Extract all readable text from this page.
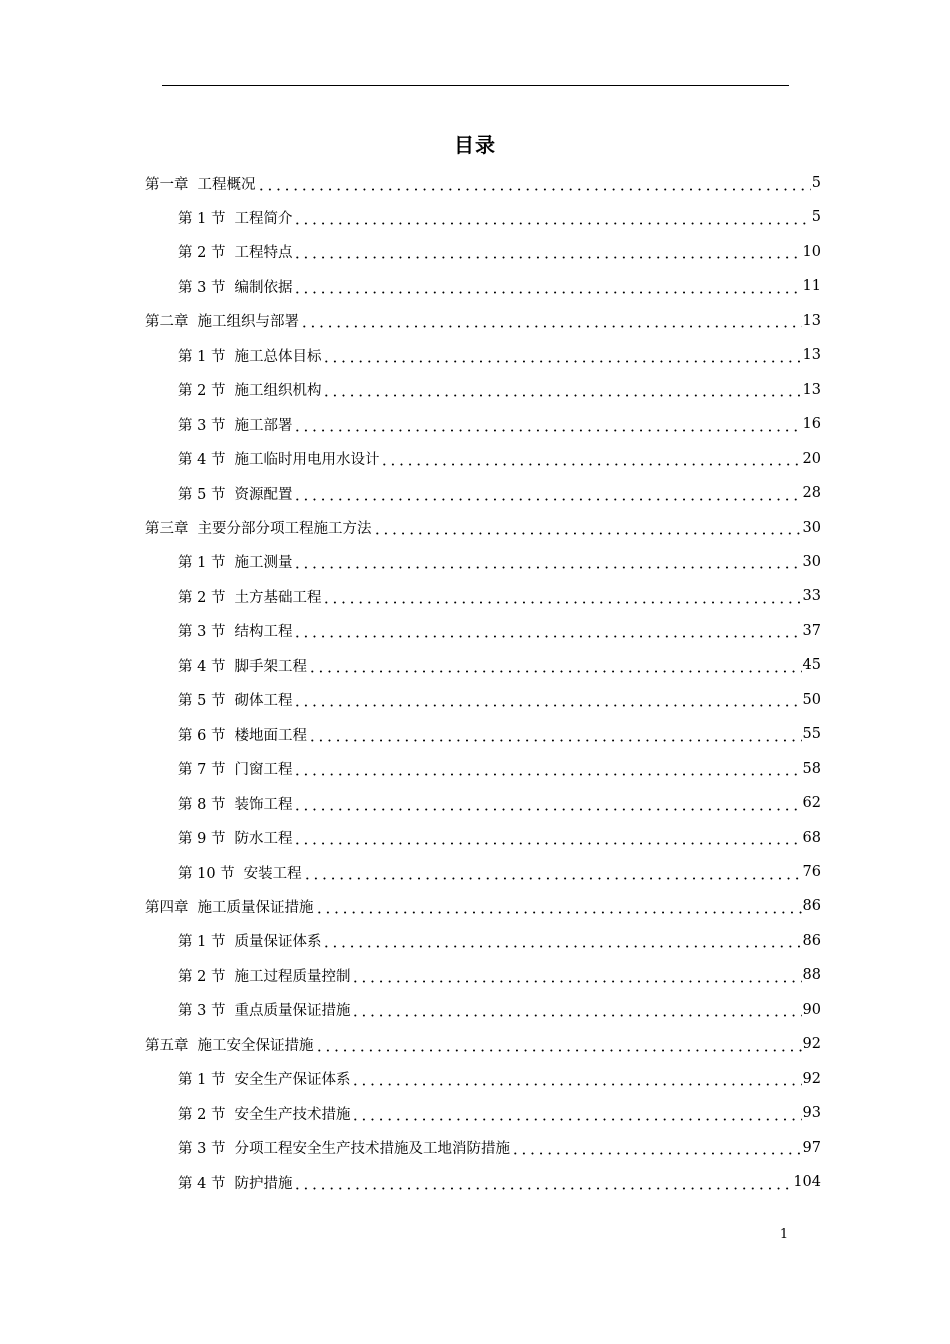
目录
第一章 工程概况	5
第 1 节 工程简介	5
第 2 节 工程特点	10
第 3 节 编制依据	11
第二章 施工组织与部署	13
第 1 节 施工总体目标	13
第 2 节 施工组织机构	13
第 3 节 施工部署	16
第 4 节 施工临时用电用水设计	20
第 5 节 资源配置	28
第三章 主要分部分项工程施工方法	30
第 1 节 施工测量	30
第 2 节 土方基础工程	33
第 3 节 结构工程	37
第 4 节 脚手架工程	45
第 5 节 砌体工程	50
第 6 节 楼地面工程	55
第 7 节 门窗工程	58
第 8 节 装饰工程	62
第 9 节 防水工程	68
第 10 节 安装工程	76
第四章 施工质量保证措施	86
第 1 节 质量保证体系	86
第 2 节 施工过程质量控制	88
第 3 节 重点质量保证措施	90
第五章 施工安全保证措施	92
第 1 节 安全生产保证体系	92
第 2 节 安全生产技术措施	93
第 3 节 分项工程安全生产技术措施及工地消防措施	97
第 4 节 防护措施	104
1
